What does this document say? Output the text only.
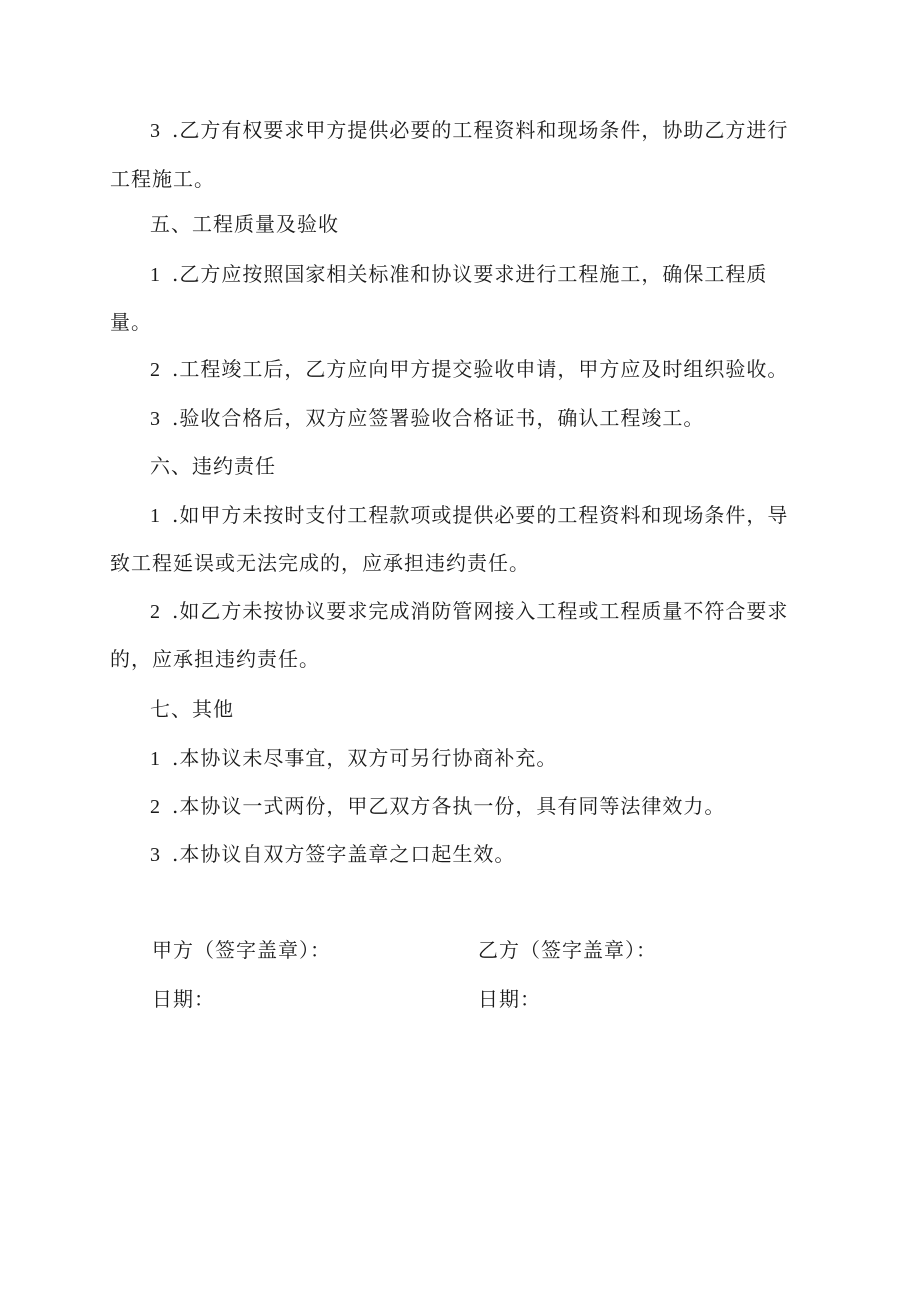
3 .乙方有权要求甲方提供必要的工程资料和现场条件，协助乙方进行
工程施工。
五、工程质量及验收
1 .乙方应按照国家相关标准和协议要求进行工程施工，确保工程质
量。
2 .工程竣工后，乙方应向甲方提交验收申请，甲方应及时组织验收。
3 .验收合格后，双方应签署验收合格证书，确认工程竣工。
六、违约责任
1 .如甲方未按时支付工程款项或提供必要的工程资料和现场条件，导
致工程延误或无法完成的，应承担违约责任。
2 .如乙方未按协议要求完成消防管网接入工程或工程质量不符合要求
的，应承担违约责任。
七、其他
1 .本协议未尽事宜，双方可另行协商补充。
2 .本协议一式两份，甲乙双方各执一份，具有同等法律效力。
3 .本协议自双方签字盖章之口起生效。
甲方（签字盖章）：	乙方（签字盖章）：
日期：	日期：
